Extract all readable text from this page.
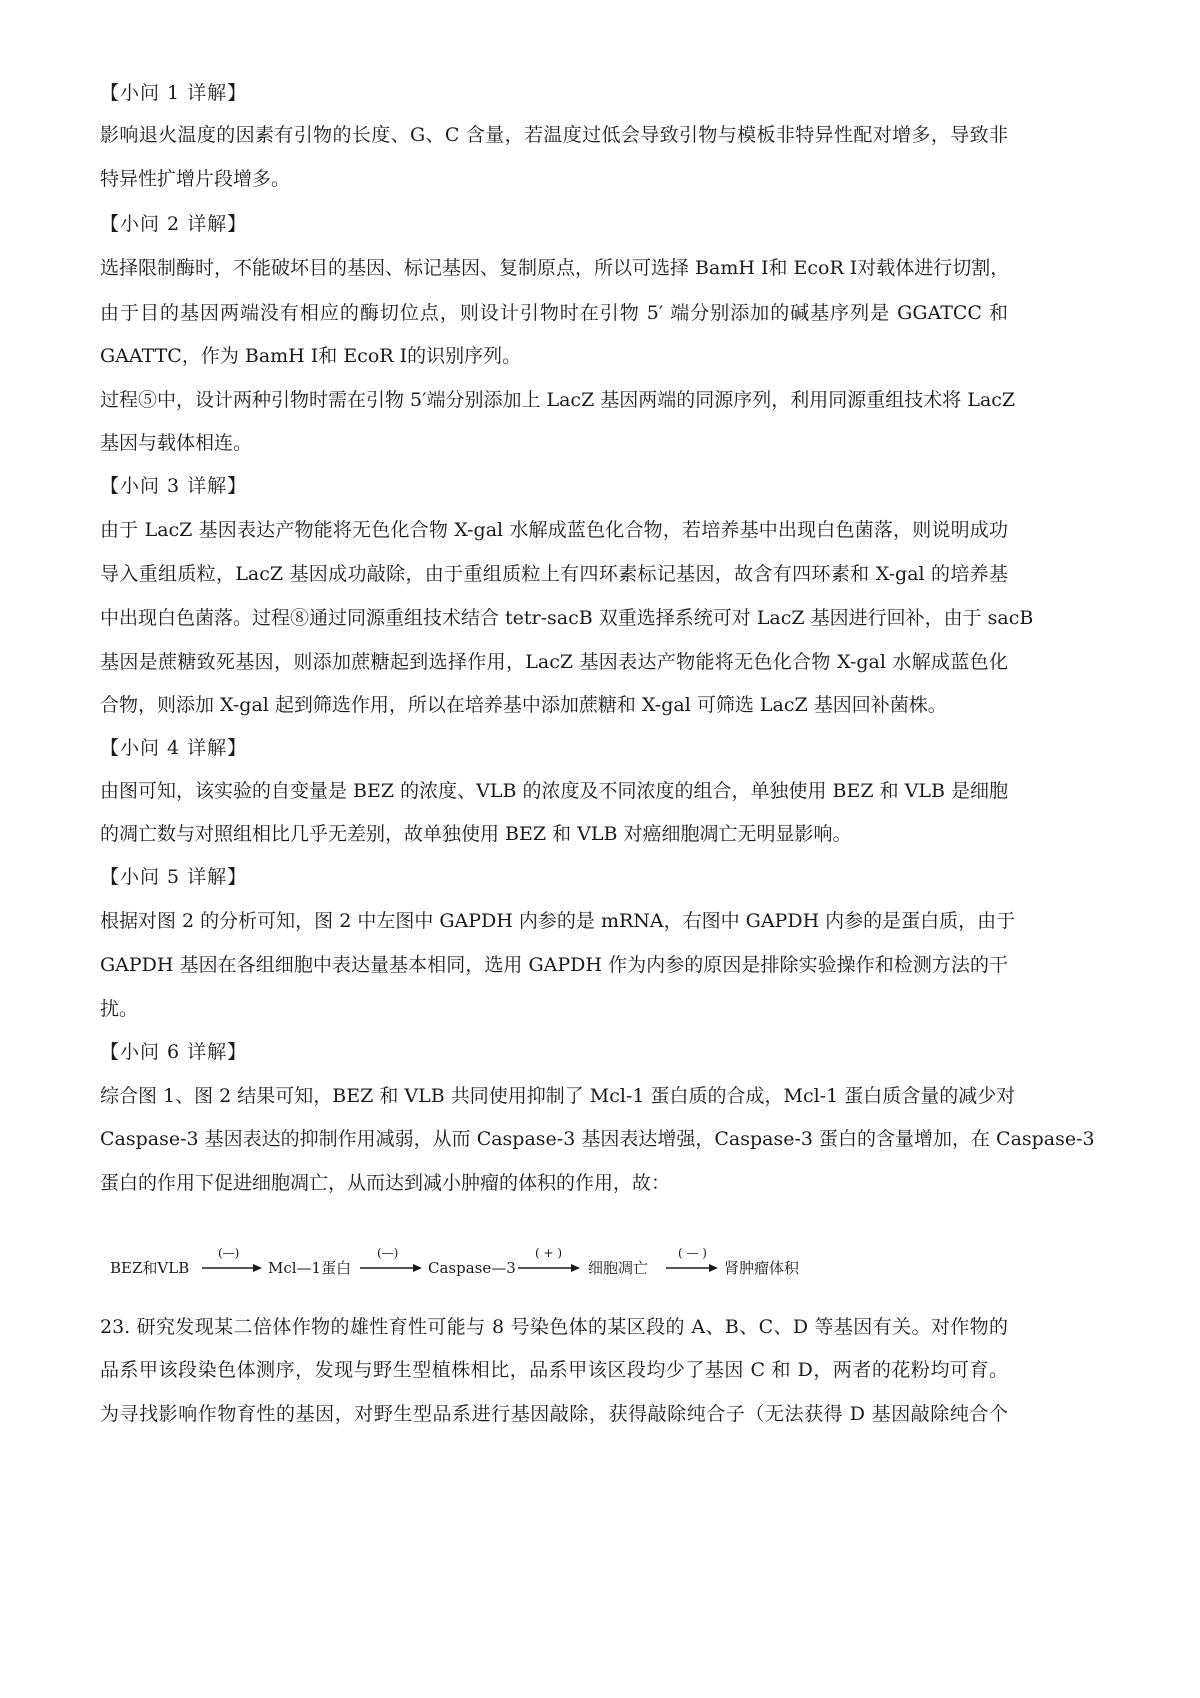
【小问 1 详解】

影响退火温度的因素有引物的长度、G、C 含量，若温度过低会导致引物与模板非特异性配对增多，导致非

特异性扩增片段增多。

【小问 2 详解】

选择限制酶时，不能破坏目的基因、标记基因、复制原点，所以可选择 BamH Ⅰ和 EcoR Ⅰ对载体进行切割，

由于目的基因两端没有相应的酶切位点，则设计引物时在引物 5′ 端分别添加的碱基序列是 GGATCC 和

GAATTC，作为 BamH Ⅰ和 EcoR Ⅰ的识别序列。

过程⑤中，设计两种引物时需在引物 5′端分别添加上 LacZ 基因两端的同源序列，利用同源重组技术将 LacZ

基因与载体相连。

【小问 3 详解】

由于 LacZ 基因表达产物能将无色化合物 X-gal 水解成蓝色化合物，若培养基中出现白色菌落，则说明成功

导入重组质粒，LacZ 基因成功敲除，由于重组质粒上有四环素标记基因，故含有四环素和 X-gal 的培养基

中出现白色菌落。过程⑧通过同源重组技术结合 tetr-sacB 双重选择系统可对 LacZ 基因进行回补，由于 sacB

基因是蔗糖致死基因，则添加蔗糖起到选择作用，LacZ 基因表达产物能将无色化合物 X-gal 水解成蓝色化

合物，则添加 X-gal 起到筛选作用，所以在培养基中添加蔗糖和 X-gal 可筛选 LacZ 基因回补菌株。

【小问 4 详解】

由图可知，该实验的自变量是 BEZ 的浓度、VLB 的浓度及不同浓度的组合，单独使用 BEZ 和 VLB 是细胞

的凋亡数与对照组相比几乎无差别，故单独使用 BEZ 和 VLB 对癌细胞凋亡无明显影响。

【小问 5 详解】

根据对图 2 的分析可知，图 2 中左图中 GAPDH 内参的是 mRNA，右图中 GAPDH 内参的是蛋白质，由于

GAPDH 基因在各组细胞中表达量基本相同，选用 GAPDH 作为内参的原因是排除实验操作和检测方法的干

扰。

【小问 6 详解】

综合图 1、图 2 结果可知，BEZ 和 VLB 共同使用抑制了 Mcl-1 蛋白质的合成，Mcl-1 蛋白质含量的减少对

Caspase-3 基因表达的抑制作用减弱，从而 Caspase-3 基因表达增强，Caspase-3 蛋白的含量增加，在 Caspase-3

蛋白的作用下促进细胞凋亡，从而达到减小肿瘤的体积的作用，故：

BEZ和VLB	Mcl—1蛋白	Caspase—3	细胞凋亡	肾肿瘤体积
(—)	(—)	( + )	( — )

23. 研究发现某二倍体作物的雄性育性可能与 8 号染色体的某区段的 A、B、C、D 等基因有关。对作物的

品系甲该段染色体测序，发现与野生型植株相比，品系甲该区段均少了基因 C 和 D，两者的花粉均可育。

为寻找影响作物育性的基因，对野生型品系进行基因敲除，获得敲除纯合子（无法获得 D 基因敲除纯合个
